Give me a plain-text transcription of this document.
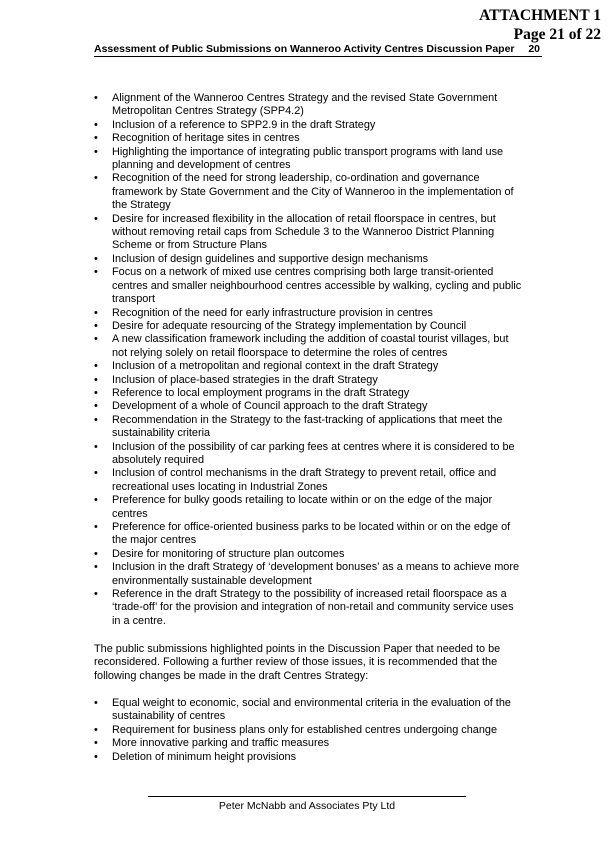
ATTACHMENT 1
Page 21 of 22
Assessment of Public Submissions on Wanneroo Activity Centres Discussion Paper 20
• Alignment of the Wanneroo Centres Strategy and the revised State Government Metropolitan Centres Strategy (SPP4.2)
• Inclusion of a reference to SPP2.9 in the draft Strategy
• Recognition of heritage sites in centres
• Highlighting the importance of integrating public transport programs with land use planning and development of centres
• Recognition of the need for strong leadership, co-ordination and governance framework by State Government and the City of Wanneroo in the implementation of the Strategy
• Desire for increased flexibility in the allocation of retail floorspace in centres, but without removing retail caps from Schedule 3 to the Wanneroo District Planning Scheme or from Structure Plans
• Inclusion of design guidelines and supportive design mechanisms
• Focus on a network of mixed use centres comprising both large transit-oriented centres and smaller neighbourhood centres accessible by walking, cycling and public transport
• Recognition of the need for early infrastructure provision in centres
• Desire for adequate resourcing of the Strategy implementation by Council
• A new classification framework including the addition of coastal tourist villages, but not relying solely on retail floorspace to determine the roles of centres
• Inclusion of a metropolitan and regional context in the draft Strategy
• Inclusion of place-based strategies in the draft Strategy
• Reference to local employment programs in the draft Strategy
• Development of a whole of Council approach to the draft Strategy
• Recommendation in the Strategy to the fast-tracking of applications that meet the sustainability criteria
• Inclusion of the possibility of car parking fees at centres where it is considered to be absolutely required
• Inclusion of control mechanisms in the draft Strategy to prevent retail, office and recreational uses locating in Industrial Zones
• Preference for bulky goods retailing to locate within or on the edge of the major centres
• Preference for office-oriented business parks to be located within or on the edge of the major centres
• Desire for monitoring of structure plan outcomes
• Inclusion in the draft Strategy of ‘development bonuses’ as a means to achieve more environmentally sustainable development
• Reference in the draft Strategy to the possibility of increased retail floorspace as a ‘trade-off’ for the provision and integration of non-retail and community service uses in a centre.
The public submissions highlighted points in the Discussion Paper that needed to be reconsidered. Following a further review of those issues, it is recommended that the following changes be made in the draft Centres Strategy:
• Equal weight to economic, social and environmental criteria in the evaluation of the sustainability of centres
• Requirement for business plans only for established centres undergoing change
• More innovative parking and traffic measures
• Deletion of minimum height provisions
Peter McNabb and Associates Pty Ltd
